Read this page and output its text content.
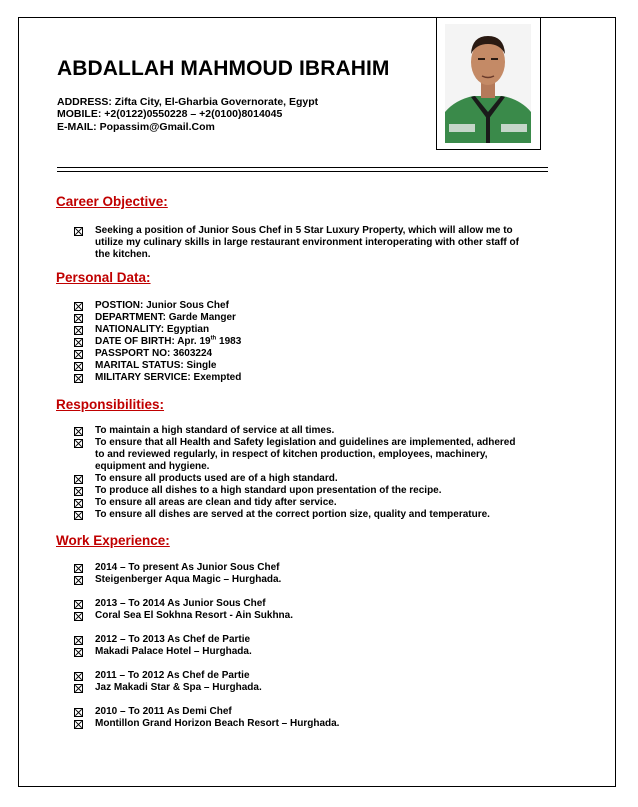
ABDALLAH MAHMOUD IBRAHIM
ADDRESS: Zifta City, El-Gharbia Governorate, Egypt
MOBILE: +2(0122)0550228 – +2(0100)8014045
E-MAIL: Popassim@Gmail.Com
Career Objective:
Seeking a position of Junior Sous Chef in 5 Star Luxury Property, which will allow me to
utilize my culinary skills in large restaurant environment interoperating with other staff of
the kitchen.
Personal Data:
POSTION: Junior Sous Chef
DEPARTMENT: Garde Manger
NATIONALITY: Egyptian
DATE OF BIRTH: Apr. 19th 1983
PASSPORT NO: 3603224
MARITAL STATUS: Single
MILITARY SERVICE: Exempted
Responsibilities:
To maintain a high standard of service at all times.
To ensure that all Health and Safety legislation and guidelines are implemented, adhered
to and reviewed regularly, in respect of kitchen production, employees, machinery,
equipment and hygiene.
To ensure all products used are of a high standard.
To produce all dishes to a high standard upon presentation of the recipe.
To ensure all areas are clean and tidy after service.
To ensure all dishes are served at the correct portion size, quality and temperature.
Work Experience:
2014 – To present As Junior Sous Chef
Steigenberger Aqua Magic – Hurghada.
2013 – To 2014 As Junior Sous Chef
Coral Sea El Sokhna Resort - Ain Sukhna.
2012 – To 2013 As Chef de Partie
Makadi Palace Hotel – Hurghada.
2011 – To 2012 As Chef de Partie
Jaz Makadi Star & Spa – Hurghada.
2010 – To 2011 As Demi Chef
Montillon Grand Horizon Beach Resort – Hurghada.
